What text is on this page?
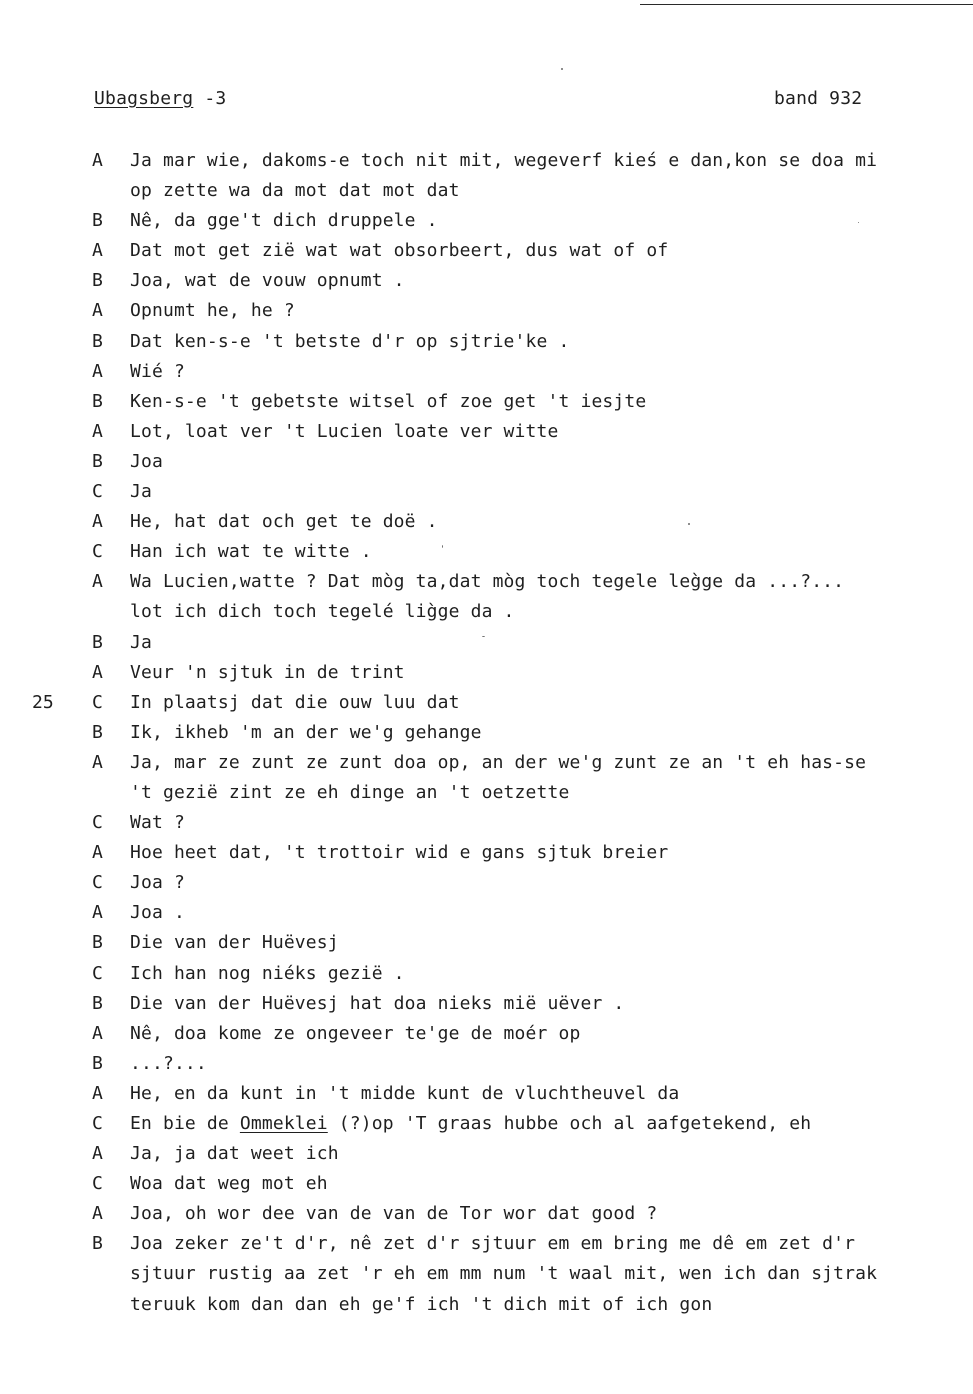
Ubagsberg -3	band 932
A Ja mar wie, dakoms-e toch nit mit, wegeverf kieś e dan,kon se doa mi
op zette wa da mot dat mot dat
B Nê, da gge't dich druppele .
A Dat mot get zië wat wat obsorbeert, dus wat of of
B Joa, wat de vouw opnumt .
A Opnumt he, he ?
B Dat ken-s-e 't betste d'r op sjtrie'ke .
A Wié ?
B Ken-s-e 't gebetste witsel of zoe get 't iesjte
A Lot, loat ver 't Lucien loate ver witte
B Joa
C Ja
A He, hat dat och get te doë .
C Han ich wat te witte .
A Wa Lucien,watte ? Dat mòg ta,dat mòg toch tegele leg̀ge da ...?...
lot ich dich toch tegelé lig̀ge da .
B Ja
A Veur 'n sjtuk in de trint
25 C In plaatsj dat die ouw luu dat
B Ik, ikheb 'm an der we'g gehange
A Ja, mar ze zunt ze zunt doa op, an der we'g zunt ze an 't eh has-se
't gezië zint ze eh dinge an 't oetzette
C Wat ?
A Hoe heet dat, 't trottoir wid e gans sjtuk breier
C Joa ?
A Joa .
B Die van der Huëvesj
C Ich han nog niéks gezië .
B Die van der Huëvesj hat doa nieks mië uëver .
A Nê, doa kome ze ongeveer te'ge de moér op
B ...?...
A He, en da kunt in 't midde kunt de vluchtheuvel da
C En bie de Ommeklei (?)op 'T graas hubbe och al aafgetekend, eh
A Ja, ja dat weet ich
C Woa dat weg mot eh
A Joa, oh wor dee van de van de Tor wor dat good ?
B Joa zeker ze't d'r, nê zet d'r sjtuur em em bring me dê em zet d'r
sjtuur rustig aa zet 'r eh em mm num 't waal mit, wen ich dan sjtrak
teruuk kom dan dan eh ge'f ich 't dich mit of ich gon
